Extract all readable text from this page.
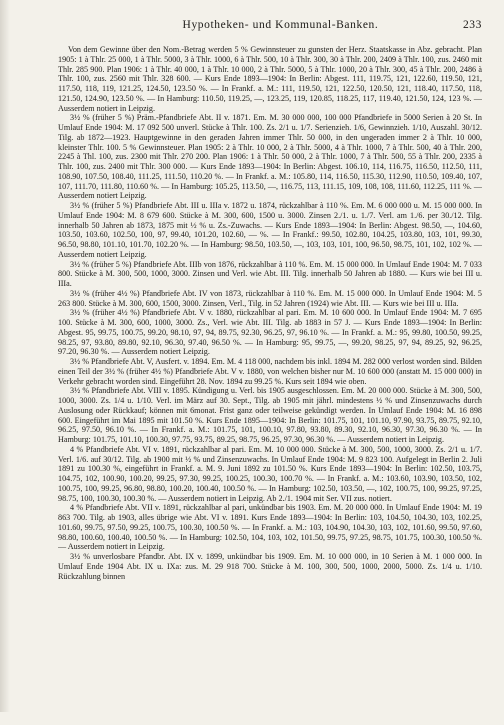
Hypotheken- und Kommunal-Banken.	233

Von dem Gewinne über den Nom.-Betrag werden 5 % Gewinnsteuer zu gunsten der Herz. Staatskasse in Abz. gebracht. Plan 1905: 1 à Thlr. 25 000, 1 à Thlr. 5000, 3 à Thlr. 1000, 6 à Thlr. 500, 10 à Thlr. 300, 30 à Thlr. 200, 2409 à Thlr. 100, zus. 2460 mit Thlr. 285 900. Plan 1906: 1 à Thlr. 40 000, 1 à Thlr. 10 000, 2 à Thlr. 5000, 5 à Thlr. 1000, 20 à Thlr. 300, 45 à Thlr. 200, 2486 à Thlr. 100, zus. 2560 mit Thlr. 328 600. — Kurs Ende 1893—1904: In Berlin: Abgest. 111, 119.75, 121, 122.60, 119.50, 121, 117.50, 118, 119, 121.25, 124.50, 123.50 %. — In Frankf. a. M.: 111, 119.50, 121, 122.50, 120.50, 121, 118.40, 117.50, 118, 121.50, 124.90, 123.50 %. — In Hamburg: 110.50, 119.25, —, 123.25, 119, 120.85, 118.25, 117, 119.40, 121.50, 124, 123 %. — Ausserdem notiert in Leipzig.

3½ % (früher 5 %) Präm.-Pfandbriefe Abt. II v. 1871. Em. M. 30 000 000, 100 000 Pfandbriefe in 5000 Serien à 20 St. In Umlauf Ende 1904: M. 17 092 500 unverl. Stücke à Thlr. 100. Zs. 2/1 u. 1/7. Serienzieh. 1/6, Gewinnzieh. 1/10, Auszahl. 30/12. Tilg. ab 1872—1923. Hauptgewinne in den geraden Jahren immer Thlr. 50 000, in den ungeraden immer 2 à Thlr. 10 000, kleinster Thlr. 100. 5 % Gewinnsteuer. Plan 1905: 2 à Thlr. 10 000, 2 à Thlr. 5000, 4 à Thlr. 1000, 7 à Thlr. 500, 40 à Thlr. 200, 2245 à Thl. 100, zus. 2300 mit Thlr. 270 200. Plan 1906: 1 à Thlr. 50 000, 2 à Thlr. 1000, 7 à Thlr. 500, 55 à Thlr. 200, 2335 à Thlr. 100, zus. 2400 mit Thlr. 300 000. — Kurs Ende 1893—1904: In Berlin: Abgest. 106.10, 114, 116.75, 116.50, 112.50, 111, 108.90, 107.50, 108.40, 111.25, 111.50, 110.20 %. — In Frankf. a. M.: 105.80, 114, 116.50, 115.30, 112.90, 110.50, 109.40, 107, 107, 111.70, 111.80, 110.60 %. — In Hamburg: 105.25, 113.50, —, 116.75, 113, 111.15, 109, 108, 108, 111.60, 112.25, 111 %. — Ausserdem notiert Leipzig.

3½ % (früher 5 %) Pfandbriefe Abt. III u. IIIa v. 1872 u. 1874, rückzahlbar à 110 %. Em. M. 6 000 000 u. M. 15 000 000. In Umlauf Ende 1904: M. 8 679 600. Stücke à M. 300, 600, 1500 u. 3000. Zinsen 2./1. u. 1./7. Verl. am 1./6. per 30./12. Tilg. innerhalb 50 Jahren ab 1873, 1875 mit ½ % u. Zs.-Zuwachs. — Kurs Ende 1893—1904: In Berlin: Abgest. 98.50, —, 104.60, 103.50, 103.60, 102.50, 100, 97, 99.40, 101.20, 102.60, — %. — In Frankf.: 99.50, 102.80, 104.25, 103.80, 103, 101, 99.30, 96.50, 98.80, 101.10, 101.70, 102.20 %. — In Hamburg: 98.50, 103.50, —, 103, 103, 101, 100, 96.50, 98.75, 101, 102, 102 %. — Ausserdem notiert Leipzig.

3½ % (früher 5 %) Pfandbriefe Abt. IIIb von 1876, rückzahlbar à 110 %. Em. M. 15 000 000. In Umlauf Ende 1904: M. 7 033 800. Stücke à M. 300, 500, 1000, 3000. Zinsen und Verl. wie Abt. III. Tilg. innerhalb 50 Jahren ab 1880. — Kurs wie bei III u. IIIa.

3½ % (früher 4½ %) Pfandbriefe Abt. IV von 1873, rückzahlbar à 110 %. Em. M. 15 000 000. In Umlauf Ende 1904: M. 5 263 800. Stücke à M. 300, 600, 1500, 3000. Zinsen, Verl., Tilg. in 52 Jahren (1924) wie Abt. III. — Kurs wie bei III u. IIIa.

3½ % (früher 4½ %) Pfandbriefe Abt. V v. 1880, rückzahlbar al pari. Em. M. 10 600 000. In Umlauf Ende 1904: M. 7 695 100. Stücke à M. 300, 600, 1000, 3000. Zs., Verl. wie Abt. III. Tilg. ab 1883 in 57 J. — Kurs Ende 1893—1904: In Berlin: Abgest. 95, 99.75, 100.75, 99.20, 98.10, 97, 94, 89.75, 92.30, 96.25, 97, 96.10 %. — In Frankf. a. M.: 95, 99.80, 100.50, 99.25, 98.25, 97, 93.80, 89.80, 92.10, 96.30, 97.40, 96.50 %. — In Hamburg: 95, 99.75, —, 99.20, 98.25, 97, 94, 89.25, 92, 96.25, 97.20, 96.30 %. — Ausserdem notiert Leipzig.

3½ % Pfandbriefe Abt. V, Ausfert. v. 1894. Em. M. 4 118 000, nachdem bis inkl. 1894 M. 282 000 verlost worden sind. Bilden einen Teil der 3½ % (früher 4½ %) Pfandbriefe Abt. V v. 1880, von welchen bisher nur M. 10 600 000 (anstatt M. 15 000 000) in Verkehr gebracht worden sind. Eingeführt 28. Nov. 1894 zu 99.25 %. Kurs seit 1894 wie oben.

3½ % Pfandbriefe Abt. VIII v. 1895. Kündigung u. Verl. bis 1905 ausgeschlossen. Em. M. 20 000 000. Stücke à M. 300, 500, 1000, 3000. Zs. 1/4 u. 1/10. Verl. im März auf 30. Sept., Tilg. ab 1905 mit jährl. mindestens ½ % und Zinsenzuwachs durch Auslosung oder Rückkauf; können mit 6monat. Frist ganz oder teilweise gekündigt werden. In Umlauf Ende 1904: M. 16 898 600. Eingeführt im Mai 1895 mit 101.50 %. Kurs Ende 1895—1904: In Berlin: 101.75, 101, 101.10, 97.90, 93.75, 89.75, 92.10, 96.25, 97.50, 96.10 %. — In Frankf. a. M.: 101.75, 101, 100.10, 97.80, 93.80, 89.30, 92.10, 96.30, 97.30, 96.30 %. — In Hamburg: 101.75, 101.10, 100.30, 97.75, 93.75, 89.25, 98.75, 96.25, 97.30, 96.30 %. — Ausserdem notiert in Leipzig.

4 % Pfandbriefe Abt. VI v. 1891, rückzahlbar al pari. Em. M. 10 000 000. Stücke à M. 300, 500, 1000, 3000. Zs. 2/1 u. 1/7. Verl. 1/6. auf 30/12. Tilg. ab 1900 mit ½ % und Zinsenzuwachs. In Umlauf Ende 1904: M. 9 823 100. Aufgelegt in Berlin 2. Juli 1891 zu 100.30 %, eingeführt in Frankf. a. M. 9. Juni 1892 zu 101.50 %. Kurs Ende 1893—1904: In Berlin: 102.50, 103.75, 104.75, 102, 100.90, 100.20, 99.25, 97.30, 99.25, 100.25, 100.30, 100.70 %. — In Frankf. a. M.: 103.60, 103.90, 103.50, 102, 100.75, 100, 99.25, 96.80, 98.80, 100.20, 100.40, 100.50 %. — In Hamburg: 102.50, 103.50, —, 102, 100.75, 100, 99.25, 97.25, 98.75, 100, 100.30, 100.30 %. — Ausserdem notiert in Leipzig. Ab 2./1. 1904 mit Ser. VII zus. notiert.

4 % Pfandbriefe Abt. VII v. 1891, rückzahlbar al pari, unkündbar bis 1903. Em. M. 20 000 000. In Umlauf Ende 1904: M. 19 863 700. Tilg. ab 1903, alles übrige wie Abt. VI v. 1891. Kurs Ende 1893—1904: In Berlin: 103, 104.50, 104.30, 103, 102.25, 101.60, 99.75, 97.50, 99.25, 100.75, 100.30, 100.50 %. — In Frankf. a. M.: 103, 104.90, 104.30, 103, 102, 101.60, 99.50, 97.60, 98.80, 100.60, 100.40, 100.50 %. — In Hamburg: 102.50, 104, 103, 102, 101.50, 99.75, 97.25, 98.75, 101.75, 100.30, 100.50 %. — Ausserdem notiert in Leipzig.

3½ % unverlosbare Pfandbr. Abt. IX v. 1899, unkündbar bis 1909. Em. M. 10 000 000, in 10 Serien à M. 1 000 000. In Umlauf Ende 1904 Abt. IX u. IXa: zus. M. 29 918 700. Stücke à M. 100, 300, 500, 1000, 2000, 5000. Zs. 1/4 u. 1/10. Rückzahlung binnen
